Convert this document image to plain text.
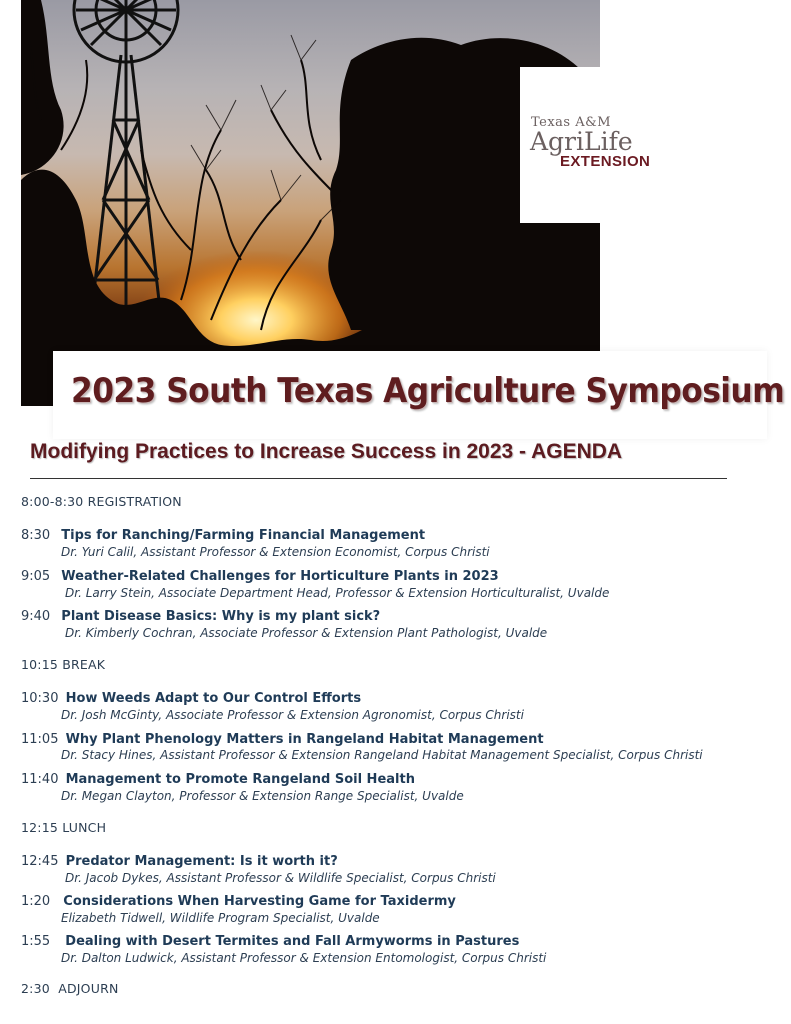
Texas A&M
AgriLife
EXTENSION
2023 South Texas Agriculture Symposium
Modifying Practices to Increase Success in 2023 - AGENDA
8:00-8:30 REGISTRATION
8:30 Tips for Ranching/Farming Financial Management
Dr. Yuri Calil, Assistant Professor & Extension Economist, Corpus Christi
9:05 Weather-Related Challenges for Horticulture Plants in 2023
Dr. Larry Stein, Associate Department Head, Professor & Extension Horticulturalist, Uvalde
9:40 Plant Disease Basics: Why is my plant sick?
Dr. Kimberly Cochran, Associate Professor & Extension Plant Pathologist, Uvalde
10:15 BREAK
10:30 How Weeds Adapt to Our Control Efforts
Dr. Josh McGinty, Associate Professor & Extension Agronomist, Corpus Christi
11:05 Why Plant Phenology Matters in Rangeland Habitat Management
Dr. Stacy Hines, Assistant Professor & Extension Rangeland Habitat Management Specialist, Corpus Christi
11:40 Management to Promote Rangeland Soil Health
Dr. Megan Clayton, Professor & Extension Range Specialist, Uvalde
12:15 LUNCH
12:45 Predator Management: Is it worth it?
Dr. Jacob Dykes, Assistant Professor & Wildlife Specialist, Corpus Christi
1:20 Considerations When Harvesting Game for Taxidermy
Elizabeth Tidwell, Wildlife Program Specialist, Uvalde
1:55 Dealing with Desert Termites and Fall Armyworms in Pastures
Dr. Dalton Ludwick, Assistant Professor & Extension Entomologist, Corpus Christi
2:30  ADJOURN
